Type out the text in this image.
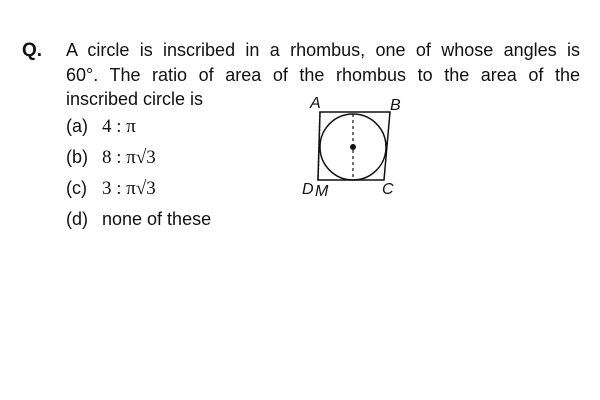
Q. A circle is inscribed in a rhombus, one of whose angles is
60°. The ratio of area of the rhombus to the area of the
inscribed circle is
(a) 4 : π
(b) 8 : π√3
(c) 3 : π√3
(d) none of these
A	B
D M	C
